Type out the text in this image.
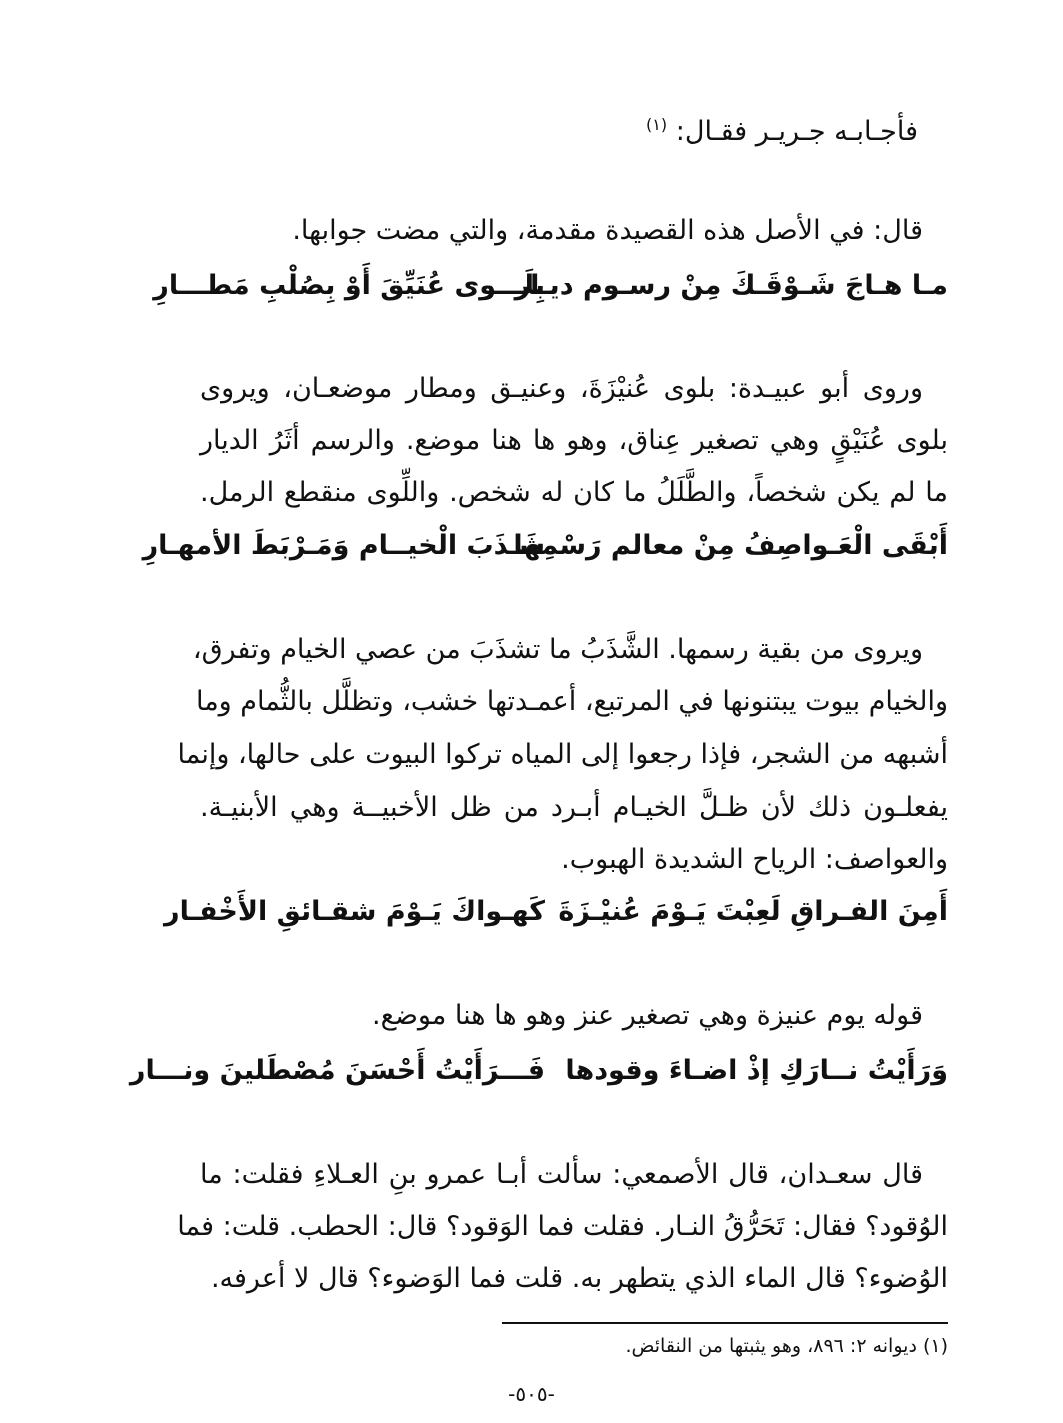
فأجـابـه جـريـر فقـال: $^{(١)}$
قال: في الأصل هذه القصيدة مقدمة، والتي مضت جوابها.
مـا هـاجَ شَـوْقَـكَ مِنْ رسـوم ديـار
بِلَـــوى عُنَيِّقَ أَوْ بِصُلْبِ مَطـــارِ
وروى أبو عبيـدة: بلوى عُنيْزَةَ، وعنيـق ومطار موضعـان، ويروى
بلوى عُنَيْقٍ وهي تصغير عِناق، وهو ها هنا موضع. والرسم أثَرُ الديار
ما لم يكن شخصاً، والطَّلَلُ ما كان له شخص. واللِّوى منقطع الرمل.
أَبْقَى الْعَـواصِفُ مِنْ معالم رَسْمِها
شَـذَبَ الْخيــام وَمَـرْبَطَ الأمهـارِ
ويروى من بقية رسمها. الشَّذَبُ ما تشذَبَ من عصي الخيام وتفرق،
والخيام بيوت يبتنونها في المرتبع، أعمـدتها خشب، وتظلَّل بالثُّمام وما
أشبهه من الشجر، فإذا رجعوا إلى المياه تركوا البيوت على حالها، وإنما
يفعلـون ذلك لأن ظـلَّ الخيـام أبـرد من ظل الأخبيــة وهي الأبنيـة.
والعواصف: الرياح الشديدة الهبوب.
أَمِنَ الفـراقِ لَعِبْتَ يَـوْمَ عُنيْـزَةَ
كَهـواكَ يَـوْمَ شقـائقِ الأَخْفـار
قوله يوم عنيزة وهي تصغير عنز وهو ها هنا موضع.
وَرَأَيْتُ نــارَكِ إذْ اضـاءَ وقودها
فَـــرَأَيْتُ أَحْسَنَ مُصْطَلينَ ونـــار
قال سعـدان، قال الأصمعي: سألت أبـا عمرو بنِ العـلاءِ فقلت: ما
الوُقود؟ فقال: تَحَرُّقُ النـار. فقلت فما الوَقود؟ قال: الحطب. قلت: فما
الوُضوء؟ قال الماء الذي يتطهر به. قلت فما الوَضوء؟ قال لا أعرفه.
(١) ديوانه ٢: ٨٩٦، وهو يثبتها من النقائض.
-٥٠٥-
